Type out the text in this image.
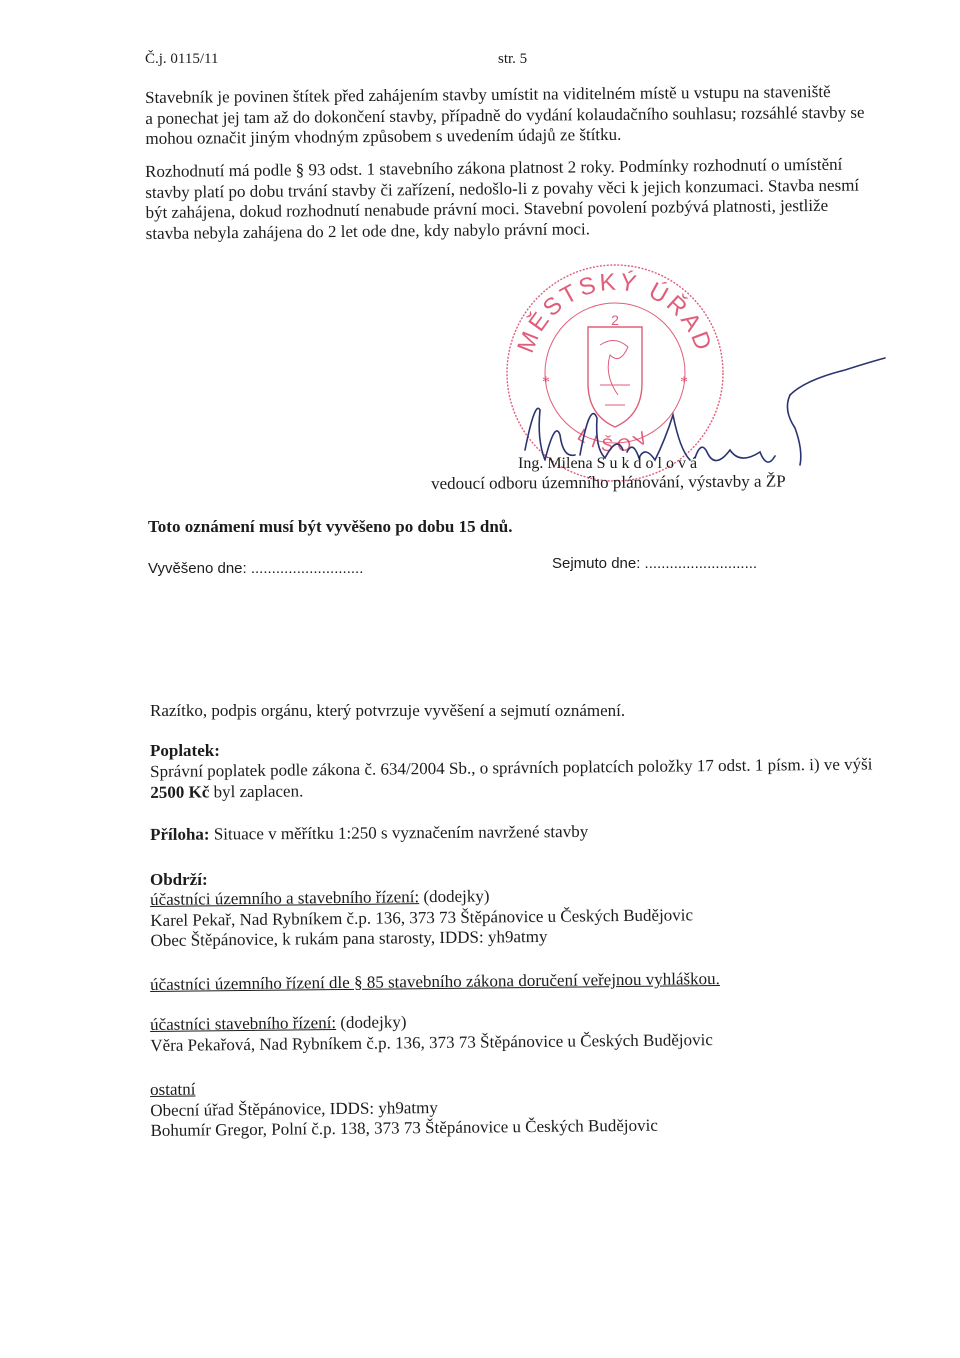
Č.j. 0115/11	str. 5
Stavebník je povinen štítek před zahájením stavby umístit na viditelném místě u vstupu na staveniště
a ponechat jej tam až do dokončení stavby, případně do vydání kolaudačního souhlasu; rozsáhlé stavby se
mohou označit jiným vhodným způsobem s uvedením údajů ze štítku.
Rozhodnutí má podle § 93 odst. 1 stavebního zákona platnost 2 roky. Podmínky rozhodnutí o umístění
stavby platí po dobu trvání stavby či zařízení, nedošlo-li z povahy věci k jejich konzumaci. Stavba nesmí
být zahájena, dokud rozhodnutí nenabude právní moci. Stavební povolení pozbývá platnosti, jestliže
stavba nebyla zahájena do 2 let ode dne, kdy nabylo právní moci.
MĚSTSKÝ ÚŘAD
LIŠOV
2
*	*
Ing. Milena S u k d o l o v á
vedoucí odboru územního plánování, výstavby a ŽP
Toto oznámení musí být vyvěšeno po dobu 15 dnů.
Vyvěšeno dne: ...........................	Sejmuto dne: ...........................
Razítko, podpis orgánu, který potvrzuje vyvěšení a sejmutí oznámení.
Poplatek:
Správní poplatek podle zákona č. 634/2004 Sb., o správních poplatcích položky 17 odst. 1 písm. i) ve výši
2500 Kč byl zaplacen.
Příloha: Situace v měřítku 1:250 s vyznačením navržené stavby
Obdrží:
účastníci územního a stavebního řízení: (dodejky)
Karel Pekař, Nad Rybníkem č.p. 136, 373 73 Štěpánovice u Českých Budějovic
Obec Štěpánovice, k rukám pana starosty, IDDS: yh9atmy
účastníci územního řízení dle § 85 stavebního zákona doručení veřejnou vyhláškou.
účastníci stavebního řízení: (dodejky)
Věra Pekařová, Nad Rybníkem č.p. 136, 373 73 Štěpánovice u Českých Budějovic
ostatní
Obecní úřad Štěpánovice, IDDS: yh9atmy
Bohumír Gregor, Polní č.p. 138, 373 73 Štěpánovice u Českých Budějovic
